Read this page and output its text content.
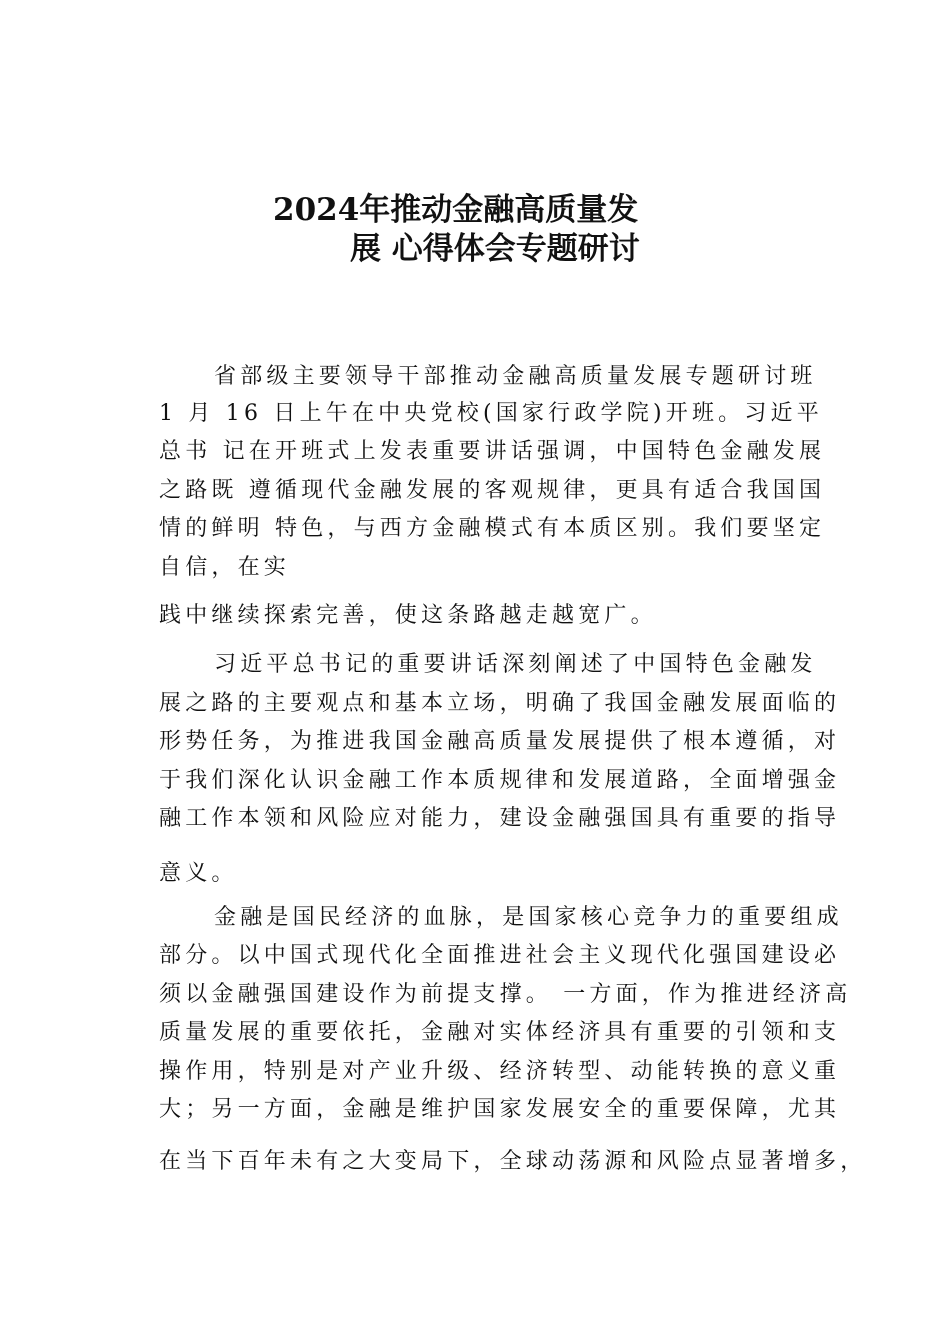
2024年推动金融高质量发
展 心得体会专题研讨
省部级主要领导干部推动金融高质量发展专题研讨班
1 月 16 日上午在中央党校(国家行政学院)开班。习近平
总书 记在开班式上发表重要讲话强调，中国特色金融发展
之路既 遵循现代金融发展的客观规律，更具有适合我国国
情的鲜明 特色，与西方金融模式有本质区别。我们要坚定
自信，在实
践中继续探索完善，使这条路越走越宽广。
习近平总书记的重要讲话深刻阐述了中国特色金融发
展之路的主要观点和基本立场，明确了我国金融发展面临的
形势任务，为推进我国金融高质量发展提供了根本遵循，对
于我们深化认识金融工作本质规律和发展道路，全面增强金
融工作本领和风险应对能力，建设金融强国具有重要的指导
意义。
金融是国民经济的血脉，是国家核心竞争力的重要组成
部分。以中国式现代化全面推进社会主义现代化强国建设必
须以金融强国建设作为前提支撑。 一方面，作为推进经济高
质量发展的重要依托，金融对实体经济具有重要的引领和支
操作用，特别是对产业升级、经济转型、动能转换的意义重
大；另一方面，金融是维护国家发展安全的重要保障，尤其
在当下百年未有之大变局下，全球动荡源和风险点显著增多，
